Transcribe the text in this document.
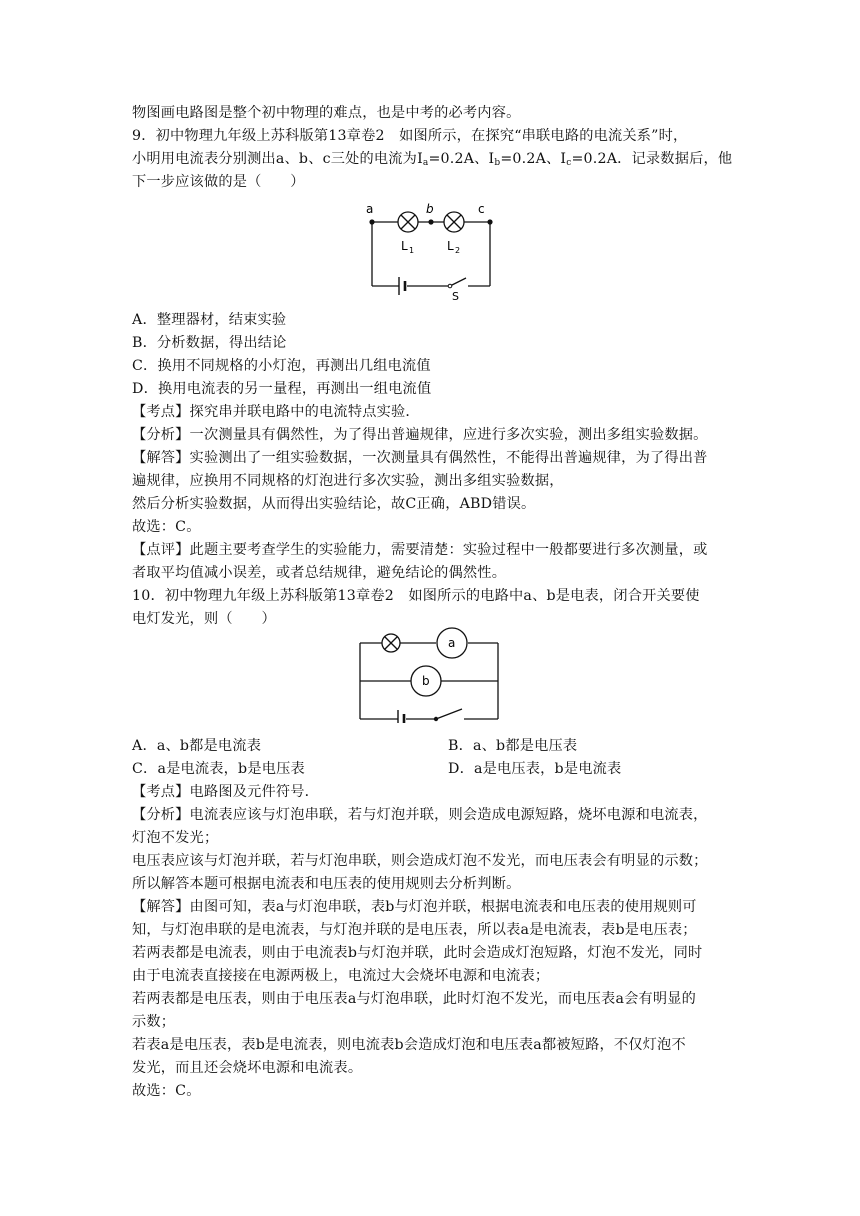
物图画电路图是整个初中物理的难点，也是中考的必考内容。
9．初中物理九年级上苏科版第13章卷2　如图所示，在探究“串联电路的电流关系”时，
小明用电流表分别测出a、b、c三处的电流为$I_a=0.2A$、$I_b=0.2A$、$I_c=0.2A$．记录数据后，他
下一步应该做的是（　　）
a	b	c
L 1	L 2
S
A．整理器材，结束实验
B．分析数据，得出结论
C．换用不同规格的小灯泡，再测出几组电流值
D．换用电流表的另一量程，再测出一组电流值
【考点】探究串并联电路中的电流特点实验．
【分析】一次测量具有偶然性，为了得出普遍规律，应进行多次实验，测出多组实验数据。
【解答】实验测出了一组实验数据，一次测量具有偶然性，不能得出普遍规律，为了得出普
遍规律，应换用不同规格的灯泡进行多次实验，测出多组实验数据，
然后分析实验数据，从而得出实验结论，故C正确，ABD错误。
故选：C。
【点评】此题主要考查学生的实验能力，需要清楚：实验过程中一般都要进行多次测量，或
者取平均值减小误差，或者总结规律，避免结论的偶然性。
10．初中物理九年级上苏科版第13章卷2　如图所示的电路中a、b是电表，闭合开关要使
电灯发光，则（　　）
a
b
A．a、b都是电流表	B．a、b都是电压表
C．a是电流表，b是电压表	D．a是电压表，b是电流表
【考点】电路图及元件符号．
【分析】电流表应该与灯泡串联，若与灯泡并联，则会造成电源短路，烧坏电源和电流表，
灯泡不发光；
电压表应该与灯泡并联，若与灯泡串联，则会造成灯泡不发光，而电压表会有明显的示数；
所以解答本题可根据电流表和电压表的使用规则去分析判断。
【解答】由图可知，表a与灯泡串联，表b与灯泡并联，根据电流表和电压表的使用规则可
知，与灯泡串联的是电流表，与灯泡并联的是电压表，所以表a是电流表，表b是电压表；
若两表都是电流表，则由于电流表b与灯泡并联，此时会造成灯泡短路，灯泡不发光，同时
由于电流表直接接在电源两极上，电流过大会烧坏电源和电流表；
若两表都是电压表，则由于电压表a与灯泡串联，此时灯泡不发光，而电压表a会有明显的
示数；
若表a是电压表，表b是电流表，则电流表b会造成灯泡和电压表a都被短路，不仅灯泡不
发光，而且还会烧坏电源和电流表。
故选：C。
